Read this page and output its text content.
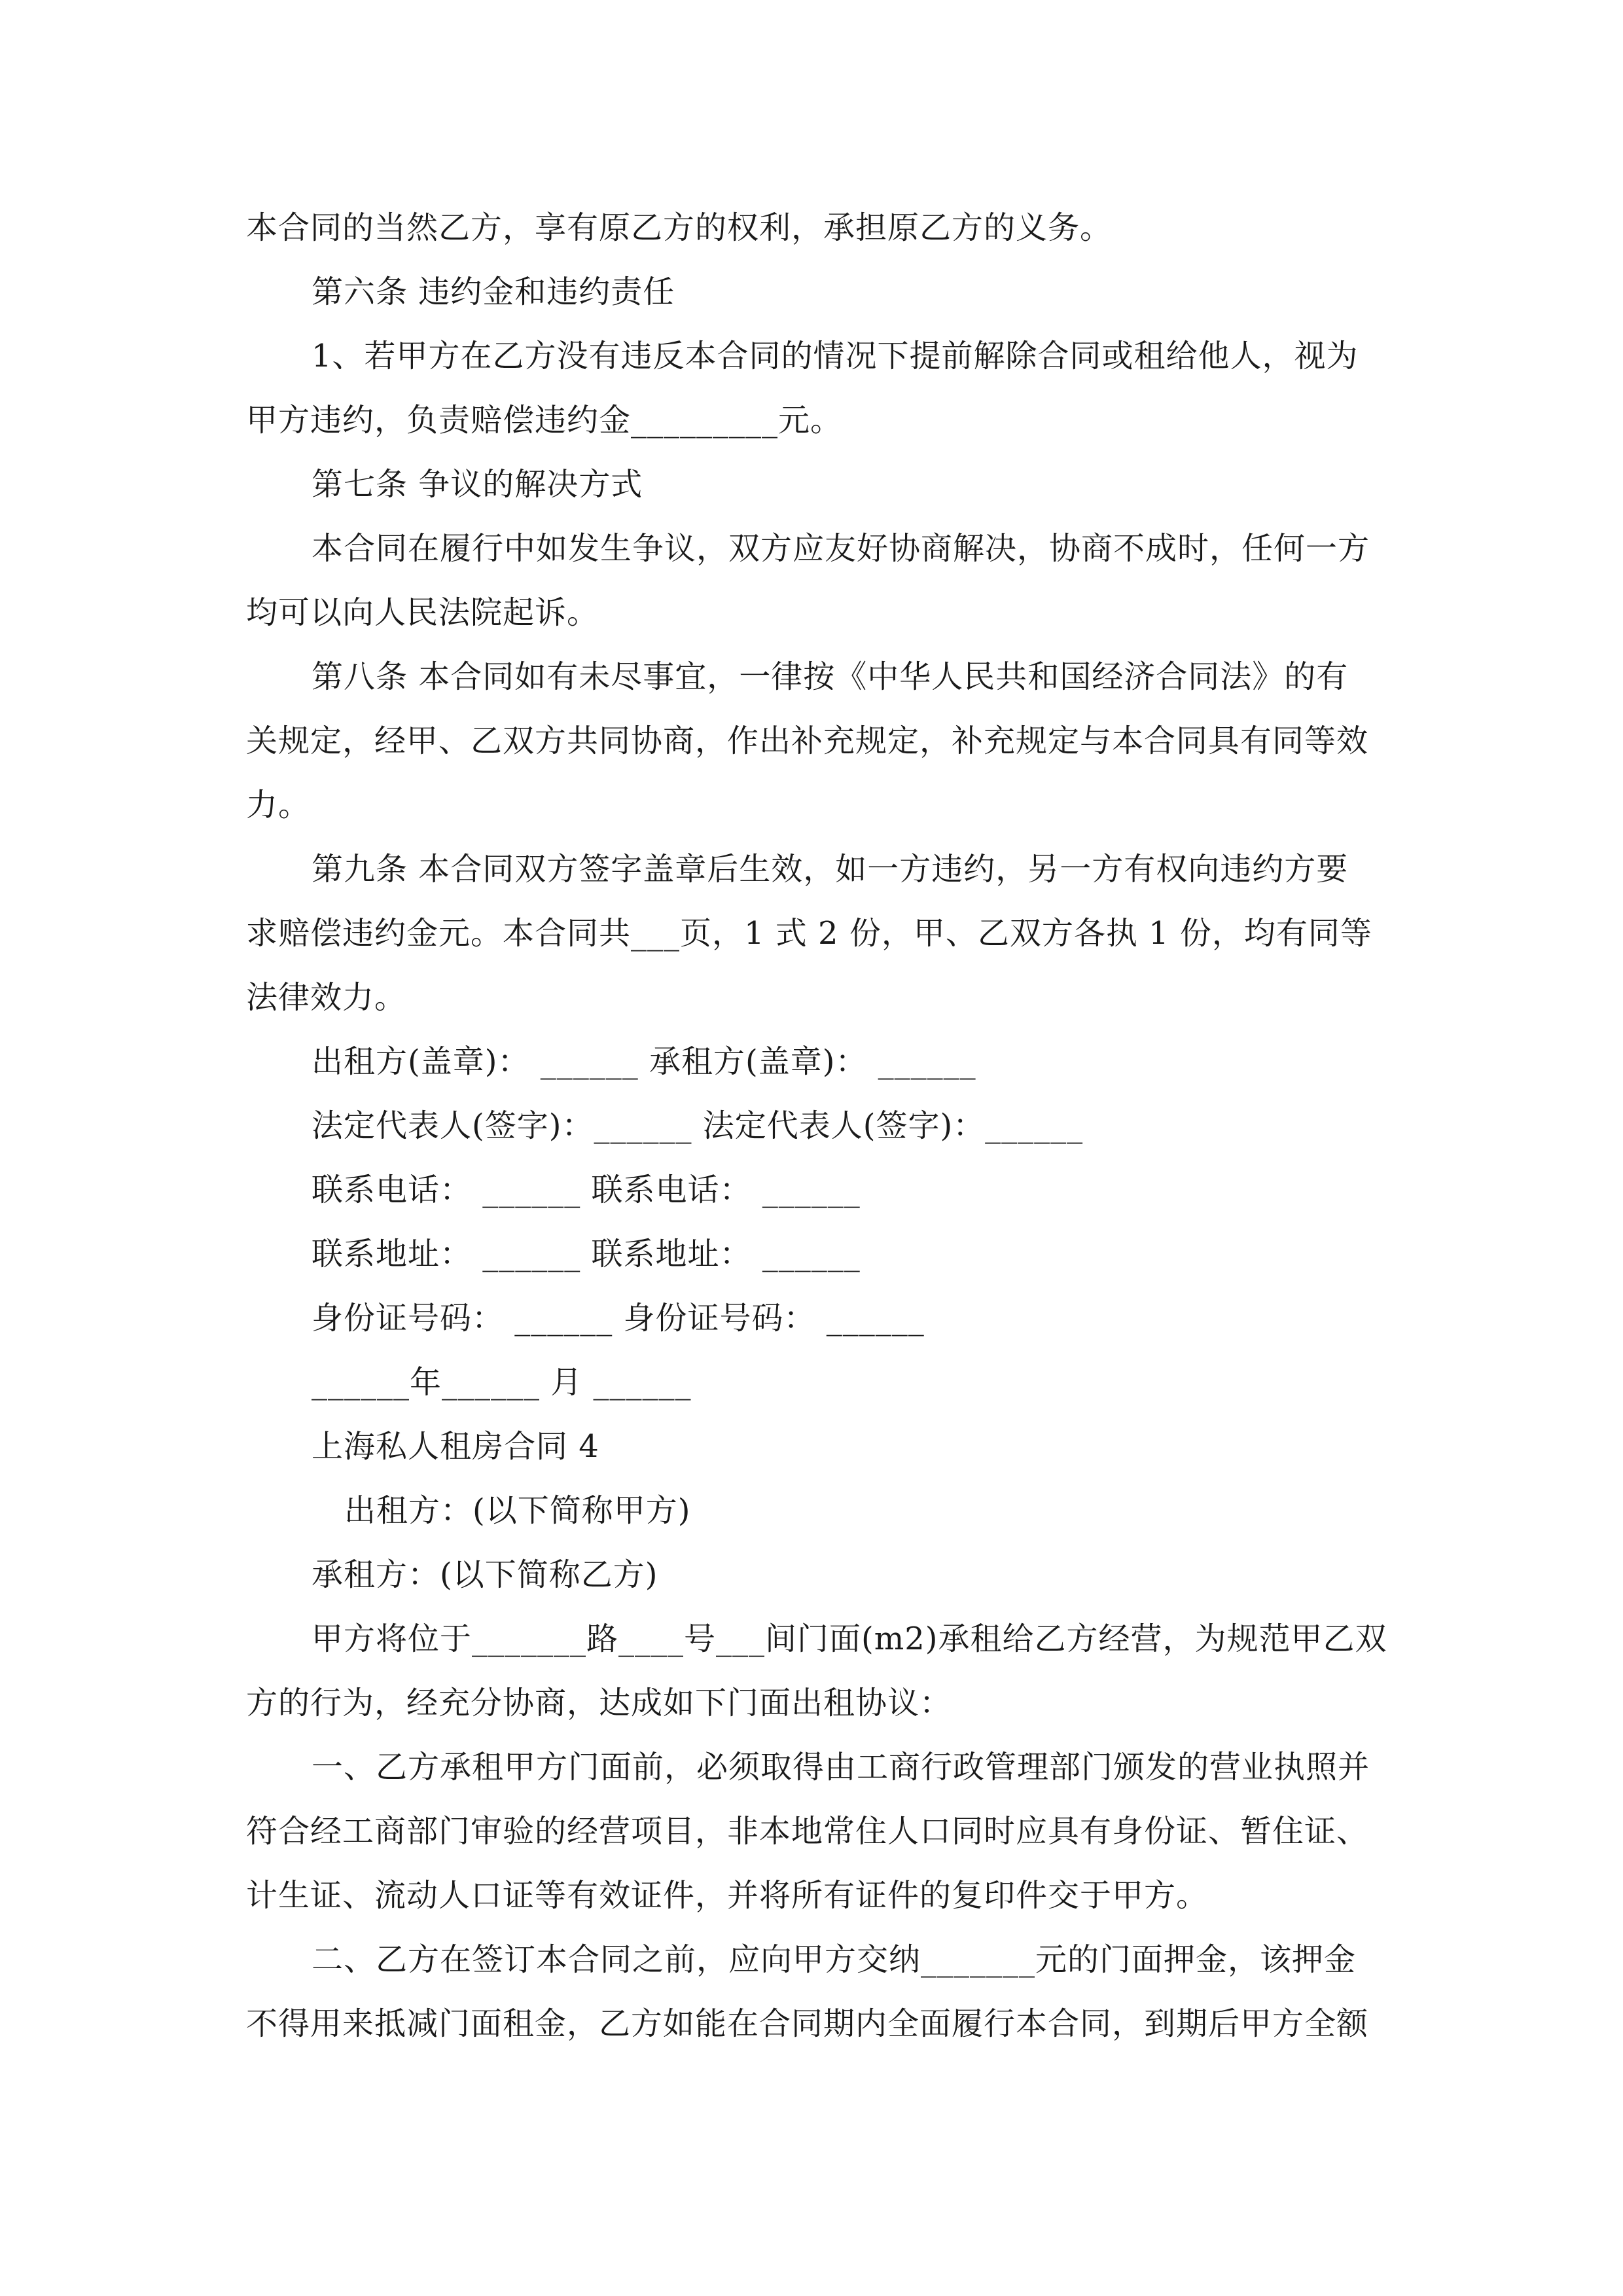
本合同的当然乙方，享有原乙方的权利，承担原乙方的义务。
第六条 违约金和违约责任
1、若甲方在乙方没有违反本合同的情况下提前解除合同或租给他人，视为
甲方违约，负责赔偿违约金_________元。
第七条 争议的解决方式
本合同在履行中如发生争议，双方应友好协商解决，协商不成时，任何一方
均可以向人民法院起诉。
第八条 本合同如有未尽事宜，一律按《中华人民共和国经济合同法》的有
关规定，经甲、乙双方共同协商，作出补充规定，补充规定与本合同具有同等效
力。
第九条 本合同双方签字盖章后生效，如一方违约，另一方有权向违约方要
求赔偿违约金元。本合同共___页，1 式 2 份，甲、乙双方各执 1 份，均有同等
法律效力。
出租方(盖章)： ______ 承租方(盖章)： ______
法定代表人(签字)：______ 法定代表人(签字)：______
联系电话： ______ 联系电话： ______
联系地址： ______ 联系地址： ______
身份证号码： ______ 身份证号码： ______
______年______ 月 ______
上海私人租房合同 4
出租方：(以下简称甲方)
承租方：(以下简称乙方)
甲方将位于_______路____号___间门面(m2)承租给乙方经营，为规范甲乙双
方的行为，经充分协商，达成如下门面出租协议：
一、乙方承租甲方门面前，必须取得由工商行政管理部门颁发的营业执照并
符合经工商部门审验的经营项目，非本地常住人口同时应具有身份证、暂住证、
计生证、流动人口证等有效证件，并将所有证件的复印件交于甲方。
二、乙方在签订本合同之前，应向甲方交纳_______元的门面押金，该押金
不得用来抵减门面租金，乙方如能在合同期内全面履行本合同，到期后甲方全额
